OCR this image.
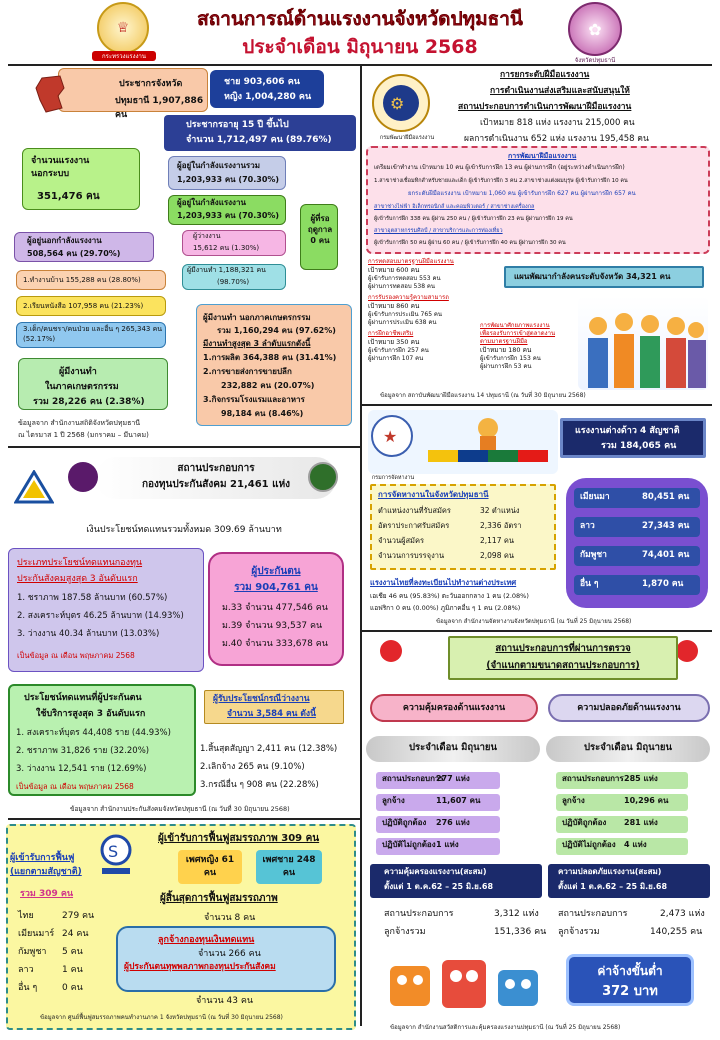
♕
กระทรวงแรงงาน
สถานการณ์ด้านแรงงานจังหวัดปทุมธานี
ประจำเดือน มิถุนายน 2568
✿
จังหวัดปทุมธานี
ประชากรจังหวัด
ปทุมธานี 1,907,886 คน
ชาย 903,606 คน
หญิง 1,004,280 คน
ประชากรอายุ 15 ปี ขึ้นไป
จำนวน 1,712,497 คน (89.76%)
จำนวนแรงงาน นอกระบบ
351,476 คน
ผู้อยู่ในกำลังแรงงานรวม
1,203,933 คน (70.30%)
ผู้อยู่ในกำลังแรงงาน
1,203,933 คน (70.30%)	ผู้ที่รอฤดูกาล 0 คน
ผู้อยู่นอกกำลังแรงงาน
508,564 คน (29.70%)
ผู้ว่างงาน
15,612 คน (1.30%)
ผู้มีงานทำ 1,188,321 คน
(98.70%)
1.ทำงานบ้าน 155,288 คน (28.80%)
2.เรียนหนังสือ 107,958 คน (21.23%)
3.เด็ก/คนชรา/คนป่วย และอื่น ๆ 265,343 คน (52.17%)
ผู้มีงานทำ
ในภาคเกษตรกรรม
รวม 28,226 คน (2.38%)
ผู้มีงานทำ นอกภาคเกษตรกรรม
รวม 1,160,294 คน (97.62%)
มีงานทำสูงสุด 3 ลำดับแรกดังนี้
1.การผลิต 364,388 คน (31.41%)
2.การขายส่งการขายปลีก
232,882 คน (20.07%)
3.กิจกรรมโรงแรมและอาหาร
98,184 คน (8.46%)
ข้อมูลจาก สำนักงานสถิติจังหวัดปทุมธานี
ณ ไตรมาส 1 ปี 2568 (มกราคม – มีนาคม)
สถานประกอบการ
กองทุนประกันสังคม 21,461 แห่ง
เงินประโยชน์ทดแทนรวมทั้งหมด 309.69 ล้านบาท
ประเภทประโยชน์ทดแทนกองทุน
ประกันสังคมสูงสุด 3 อันดับแรก
1. ชราภาพ 187.58 ล้านบาท (60.57%)
2. สงเคราะห์บุตร 46.25 ล้านบาท (14.93%)
3. ว่างงาน 40.34 ล้านบาท (13.03%)
เป็นข้อมูล ณ เดือน พฤษภาคม 2568
ผู้ประกันตน
รวม 904,761 คน
ม.33 จำนวน 477,546 คน
ม.39 จำนวน 93,537 คน
ม.40 จำนวน 333,678 คน
ประโยชน์ทดแทนที่ผู้ประกันตน
ใช้บริการสูงสุด 3 อันดับแรก
1. สงเคราะห์บุตร 44,408 ราย (44.93%)
2. ชราภาพ 31,826 ราย (32.20%)
3. ว่างงาน 12,541 ราย (12.69%)
เป็นข้อมูล ณ เดือน พฤษภาคม 2568
ผู้รับประโยชน์กรณีว่างงาน
จำนวน 3,584 คน ดังนี้
1.สิ้นสุดสัญญา 2,411 คน (12.38%)
2.เลิกจ้าง 265 คน (9.10%)
3.กรณีอื่น ๆ 908 คน (22.28%)
ข้อมูลจาก สำนักงานประกันสังคมจังหวัดปทุมธานี (ณ วันที่ 30 มิถุนายน 2568)
S
ผู้เข้ารับการฟื้นฟูสมรรถภาพ 309 คน
เพศหญิง 61 คน
เพศชาย 248 คน
ผู้เข้ารับการฟื้นฟู
(แยกตามสัญชาติ)
รวม 309 คน
ไทย	279 คน
เมียนมาร์ 24 คน
กัมพูชา 5 คน
ลาว	1 คน
อื่น ๆ	0 คน
ผู้สิ้นสุดการฟื้นฟูสมรรถภาพ
จำนวน 8 คน
ลูกจ้างกองทุนเงินทดแทน
จำนวน 266 คน
ผู้ประกันตนทุพพลภาพกองทุนประกันสังคม
จำนวน 43 คน
ข้อมูลจาก ศูนย์ฟื้นฟูสมรรถภาพคนทำงานภาค 1 จังหวัดปทุมธานี (ณ วันที่ 30 มิถุนายน 2568)
⚙
กรมพัฒนาฝีมือแรงงาน
การยกระดับฝีมือแรงงาน
การดำเนินงานส่งเสริมและสนับสนุนให้
สถานประกอบการดำเนินการพัฒนาฝีมือแรงงาน
เป้าหมาย 818 แห่ง แรงงาน 215,000 คน
ผลการดำเนินงาน 652 แห่ง แรงงาน 195,458 คน
การพัฒนาฝีมือแรงงาน
เตรียมเข้าทำงาน เป้าหมาย 10 คน ผู้เข้ารับการฝึก 13 คน ผู้ผ่านการฝึก (อยู่ระหว่างดำเนินการฝึก)
1.สาขาช่างเชื่อมทิกสำหรับชายและเด็ก ผู้เข้ารับการฝึก 3 คน 2.สาขาช่างแต่งผมบุรุษ ผู้เข้ารับการฝึก 10 คน
ยกระดับฝีมือแรงงาน เป้าหมาย 1,060 คน ผู้เข้ารับการฝึก 627 คน ผู้ผ่านการฝึก 657 คน
สาขาช่างไฟฟ้า อิเล็กทรอนิกส์ และคอมพิวเตอร์ / สาขาช่างเครื่องกล
ผู้เข้ารับการฝึก 338 คน ผู้ผ่าน 250 คน / ผู้เข้ารับการฝึก 23 คน ผู้ผ่านการฝึก 19 คน
สาขาอุตสาหกรรมศิลป์ / สาขาบริการและการท่องเที่ยว
ผู้เข้ารับการฝึก 50 คน ผู้ผ่าน 60 คน / ผู้เข้ารับการฝึก 40 คน ผู้ผ่านการฝึก 30 คน
การทดสอบมาตรฐานฝีมือแรงงาน
เป้าหมาย 600 คน
ผู้เข้ารับการทดสอบ 553 คน
ผู้ผ่านการทดสอบ 538 คน
การรับรองความรู้ความสามารถ
เป้าหมาย 860 คน
ผู้เข้ารับการประเมิน 765 คน
ผู้ผ่านการประเมิน 638 คน
การฝึกอาชีพเสริม
เป้าหมาย 350 คน
ผู้เข้ารับการฝึก 257 คน
ผู้ผ่านการฝึก 107 คน
แผนพัฒนากำลังคนระดับจังหวัด 34,321 คน
การพัฒนาศักยภาพแรงงาน
เพื่อรองรับการเข้าสู่ตลาดงาน
ตามมาตรฐานฝีมือ
เป้าหมาย 180 คน
ผู้เข้ารับการฝึก 153 คน
ผู้ผ่านการฝึก 53 คน
ข้อมูลจาก สถาบันพัฒนาฝีมือแรงงาน 14 ปทุมธานี (ณ วันที่ 30 มิถุนายน 2568)
★
กรมการจัดหางาน
แรงงานต่างด้าว 4 สัญชาติ
รวม 184,065 คน
เมียนมา	80,451 คน
ลาว	27,343 คน
กัมพูชา	74,401 คน
อื่น ๆ	1,870 คน
การจัดหางานในจังหวัดปทุมธานี
ตำแหน่งงานที่รับสมัคร	32 ตำแหน่ง
อัตราประกาศรับสมัคร	2,336 อัตรา
จำนวนผู้สมัคร	2,117 คน
จำนวนการบรรจุงาน	2,098 คน
แรงงานไทยที่ลงทะเบียนไปทำงานต่างประเทศ
เอเชีย 46 คน (95.83%) ตะวันออกกลาง 1 คน (2.08%)
แอฟริกา 0 คน (0.00%) ภูมิภาคอื่น ๆ 1 คน (2.08%)
ข้อมูลจาก สำนักงานจัดหางานจังหวัดปทุมธานี (ณ วันที่ 25 มิถุนายน 2568)
สถานประกอบการที่ผ่านการตรวจ
(จำแนกตามขนาดสถานประกอบการ)
ความคุ้มครองด้านแรงงาน	ความปลอดภัยด้านแรงงาน
ประจำเดือน มิถุนายน	ประจำเดือน มิถุนายน
สถานประกอบการ
277 แห่ง
ลูกจ้าง	11,607 คน
ปฏิบัติถูกต้อง 276 แห่ง
ปฏิบัติไม่ถูกต้อง 1 แห่ง
สถานประกอบการ 285 แห่ง
ลูกจ้าง	10,296 คน
ปฏิบัติถูกต้อง 281 แห่ง
ปฏิบัติไม่ถูกต้อง 4 แห่ง
ความคุ้มครองแรงงาน(สะสม)
ตั้งแต่ 1 ต.ค.62 – 25 มิ.ย.68
ความปลอดภัยแรงงาน(สะสม)
ตั้งแต่ 1 ต.ค.62 – 25 มิ.ย.68
สถานประกอบการ	3,312 แห่ง
ลูกจ้างรวม	151,336 คน
สถานประกอบการ	2,473 แห่ง
ลูกจ้างรวม	140,255 คน
ค่าจ้างขั้นต่ำ
372 บาท
ข้อมูลจาก สำนักงานสวัสดิการและคุ้มครองแรงงานปทุมธานี (ณ วันที่ 25 มิถุนายน 2568)
